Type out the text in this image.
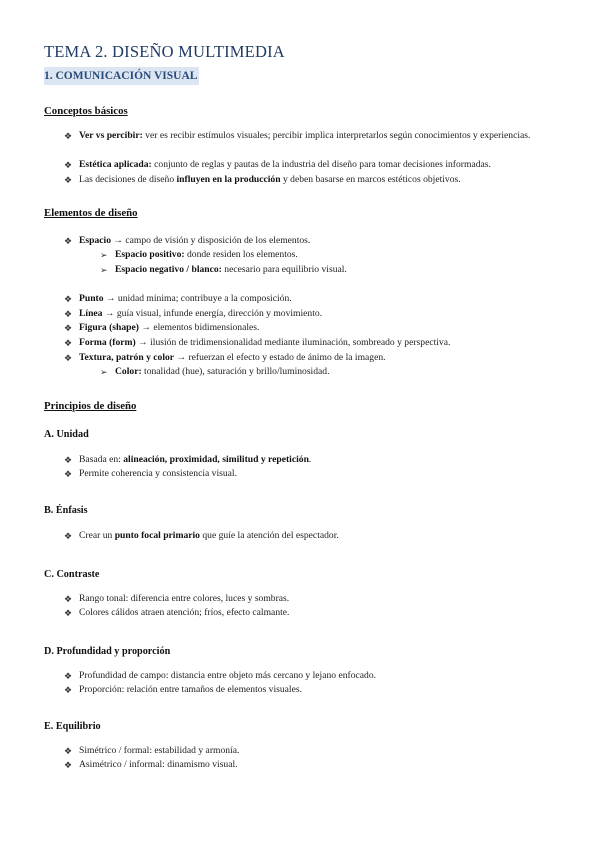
TEMA 2. DISEÑO MULTIMEDIA
1. COMUNICACIÓN VISUAL
Conceptos básicos
❖ Ver vs percibir: ver es recibir estímulos visuales; percibir implica interpretarlos según conocimientos y experiencias.
❖ Estética aplicada: conjunto de reglas y pautas de la industria del diseño para tomar decisiones informadas.
❖ Las decisiones de diseño influyen en la producción y deben basarse en marcos estéticos objetivos.
Elementos de diseño
❖ Espacio → campo de visión y disposición de los elementos.
➢ Espacio positivo: donde residen los elementos.
➢ Espacio negativo / blanco: necesario para equilibrio visual.
❖ Punto → unidad mínima; contribuye a la composición.
❖ Línea → guía visual, infunde energía, dirección y movimiento.
❖ Figura (shape) → elementos bidimensionales.
❖ Forma (form) → ilusión de tridimensionalidad mediante iluminación, sombreado y perspectiva.
❖ Textura, patrón y color → refuerzan el efecto y estado de ánimo de la imagen.
➢ Color: tonalidad (hue), saturación y brillo/luminosidad.
Principios de diseño
A. Unidad
❖ Basada en: alineación, proximidad, similitud y repetición.
❖ Permite coherencia y consistencia visual.
B. Énfasis
❖ Crear un punto focal primario que guíe la atención del espectador.
C. Contraste
❖ Rango tonal: diferencia entre colores, luces y sombras.
❖ Colores cálidos atraen atención; fríos, efecto calmante.
D. Profundidad y proporción
❖ Profundidad de campo: distancia entre objeto más cercano y lejano enfocado.
❖ Proporción: relación entre tamaños de elementos visuales.
E. Equilibrio
❖ Simétrico / formal: estabilidad y armonía.
❖ Asimétrico / informal: dinamismo visual.
